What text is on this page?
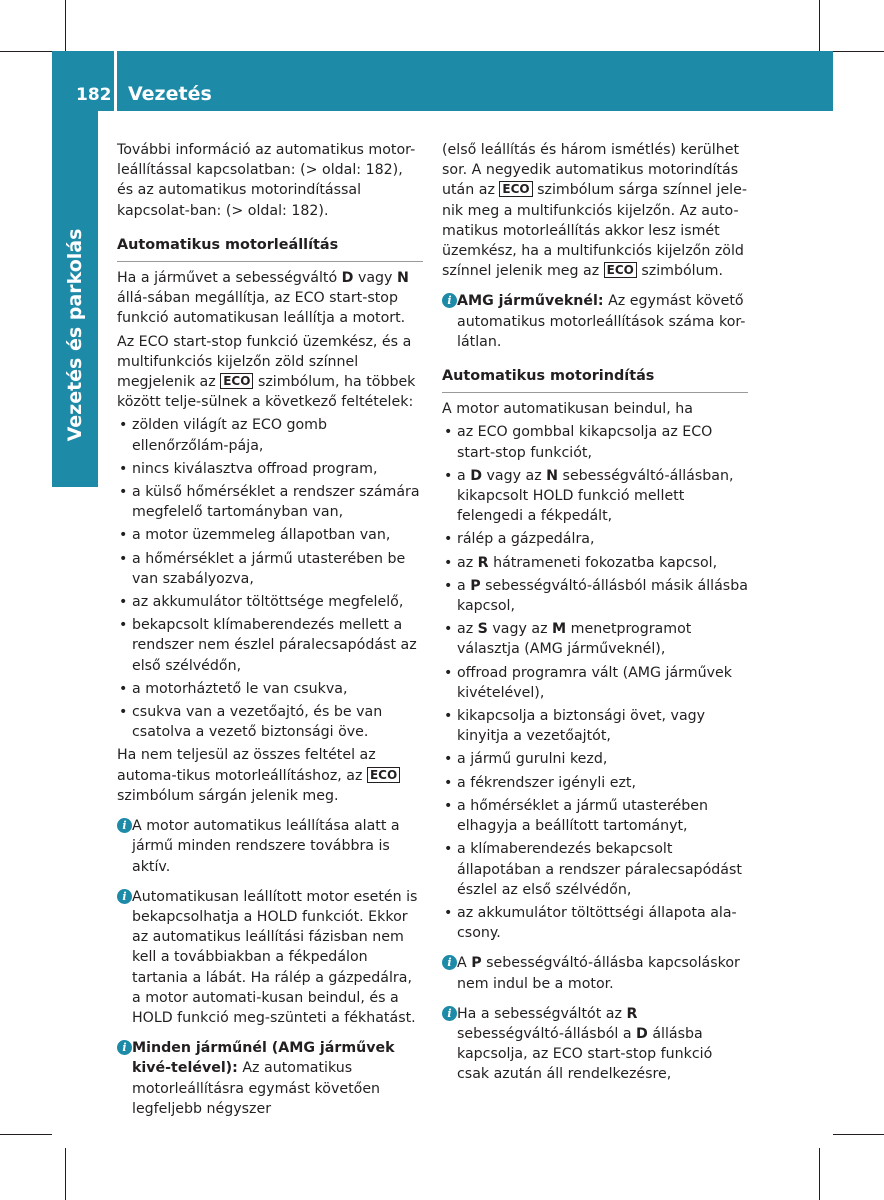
182 Vezetés
Vezetés és parkolás

További információ az automatikus motor-leállítással kapcsolatban: (> oldal: 182), és az automatikus motorindítással kapcsolat-ban: (> oldal: 182).

Automatikus motorleállítás

Ha a járművet a sebességváltó D vagy N állá-sában megállítja, az ECO start-stop funkció automatikusan leállítja a motort.

Az ECO start-stop funkció üzemkész, és a multifunkciós kijelzőn zöld színnel megjelenik az ECO szimbólum, ha többek között telje-sülnek a következő feltételek:

• zölden világít az ECO gomb ellenőrzőlám-pája,
• nincs kiválasztva offroad program,
• a külső hőmérséklet a rendszer számára megfelelő tartományban van,
• a motor üzemmeleg állapotban van,
• a hőmérséklet a jármű utasterében be van szabályozva,
• az akkumulátor töltöttsége megfelelő,
• bekapcsolt klímaberendezés mellett a rendszer nem észlel páralecsapódást az első szélvédőn,
• a motorháztető le van csukva,
• csukva van a vezetőajtó, és be van csatolva a vezető biztonsági öve.

Ha nem teljesül az összes feltétel az automa-tikus motorleállításhoz, az ECO szimbólum sárgán jelenik meg.

i A motor automatikus leállítása alatt a jármű minden rendszere továbbra is aktív.
i Automatikusan leállított motor esetén is bekapcsolhatja a HOLD funkciót. Ekkor az automatikus leállítási fázisban nem kell a továbbiakban a fékpedálon tartania a lábát. Ha rálép a gázpedálra, a motor automati-kusan beindul, és a HOLD funkció meg-szünteti a fékhatást.
i Minden járműnél (AMG járművek kivé-telével): Az automatikus motorleállításra egymást követően legfeljebb négyszer

(első leállítás és három ismétlés) kerülhet sor. A negyedik automatikus motorindítás után az ECO szimbólum sárga színnel jele-nik meg a multifunkciós kijelzőn. Az auto-matikus motorleállítás akkor lesz ismét üzemkész, ha a multifunkciós kijelzőn zöld színnel jelenik meg az ECO szimbólum.

i AMG járműveknél: Az egymást követő automatikus motorleállítások száma kor-látlan.
Automatikus motorindítás

A motor automatikusan beindul, ha

• az ECO gombbal kikapcsolja az ECO start-stop funkciót,
• a D vagy az N sebességváltó-állásban, kikapcsolt HOLD funkció mellett felengedi a fékpedált,
• rálép a gázpedálra,
• az R hátrameneti fokozatba kapcsol,
• a P sebességváltó-állásból másik állásba kapcsol,
• az S vagy az M menetprogramot választja (AMG járműveknél),
• offroad programra vált (AMG járművek kivételével),
• kikapcsolja a biztonsági övet, vagy kinyitja a vezetőajtót,
• a jármű gurulni kezd,
• a fékrendszer igényli ezt,
• a hőmérséklet a jármű utasterében elhagyja a beállított tartományt,
• a klímaberendezés bekapcsolt állapotában a rendszer páralecsapódást észlel az első szélvédőn,
• az akkumulátor töltöttségi állapota ala-csony.
i A P sebességváltó-állásba kapcsoláskor nem indul be a motor.
i Ha a sebességváltót az R sebességváltó-állásból a D állásba kapcsolja, az ECO start-stop funkció csak azután áll rendelkezésre,
